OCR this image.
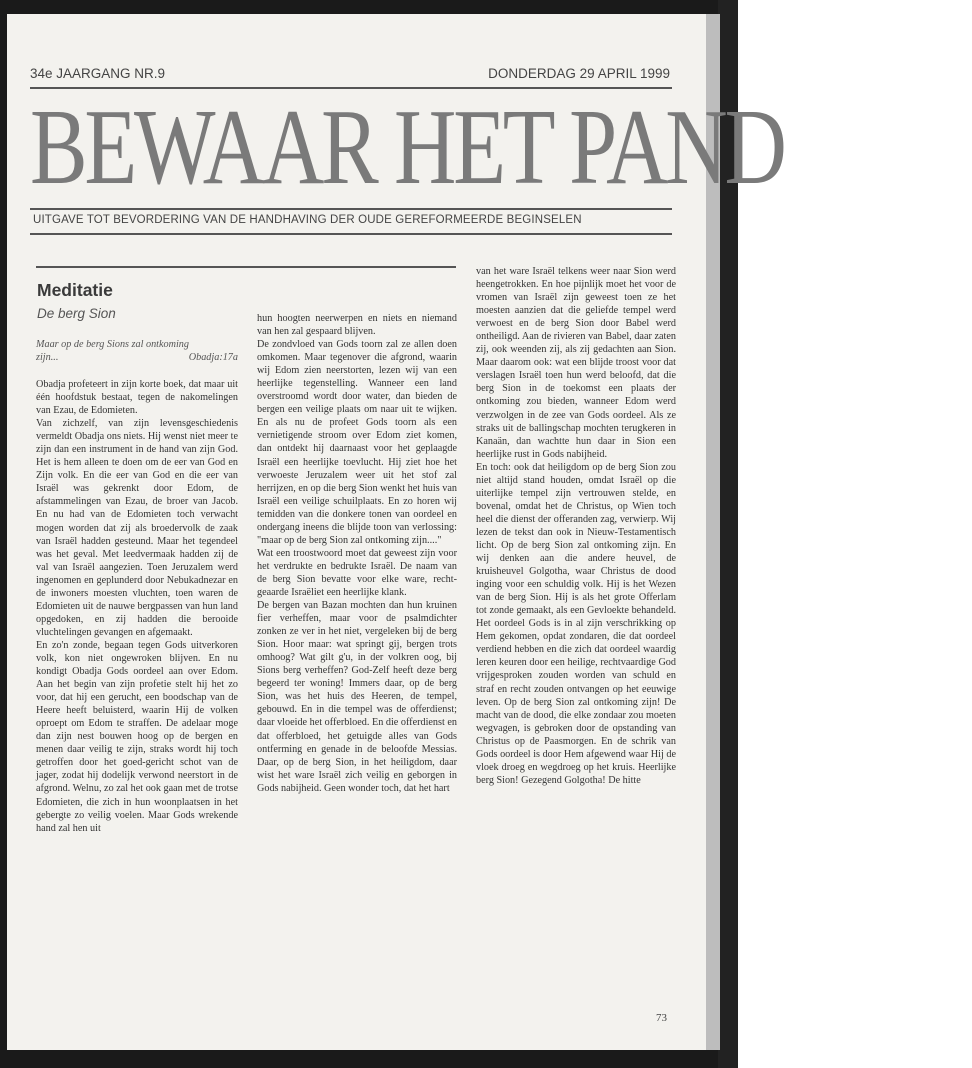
34e JAARGANG NR.9	DONDERDAG 29 APRIL 1999
BEWAAR HET PAND
UITGAVE TOT BEVORDERING VAN DE HANDHAVING DER OUDE GEREFORMEERDE BEGINSELEN
Meditatie
De berg Sion
Maar op de berg Sions zal ontkoming
zijn...	Obadja:17a

Obadja profeteert in zijn korte boek, dat maar uit één hoofdstuk bestaat, tegen de nakomelingen van Ezau, de Edomieten.

Van zichzelf, van zijn levensgeschiedenis vermeldt Obadja ons niets. Hij wenst niet meer te zijn dan een instrument in de hand van zijn God. Het is hem alleen te doen om de eer van God en Zijn volk. En die eer van God en die eer van Israël was gekrenkt door Edom, de afstammelingen van Ezau, de broer van Jacob. En nu had van de Edomieten toch verwacht mogen worden dat zij als broedervolk de zaak van Israël hadden gesteund. Maar het tegendeel was het geval. Met leedvermaak hadden zij de val van Israël aangezien. Toen Jeruzalem werd ingenomen en geplunderd door Nebukadnezar en de inwoners moesten vluchten, toen waren de Edomieten uit de nauwe bergpassen van hun land opgedoken, en zij hadden die berooide vluchtelingen gevangen en afgemaakt.

En zo'n zonde, begaan tegen Gods uitverkoren volk, kon niet ongewroken blijven. En nu kondigt Obadja Gods oordeel aan over Edom. Aan het begin van zijn profetie stelt hij het zo voor, dat hij een gerucht, een boodschap van de Heere heeft beluisterd, waarin Hij de volken oproept om Edom te straffen. De adelaar moge dan zijn nest bouwen hoog op de bergen en menen daar veilig te zijn, straks wordt hij toch getroffen door het goed-gericht schot van de jager, zodat hij dodelijk verwond neerstort in de afgrond. Welnu, zo zal het ook gaan met de trotse Edomieten, die zich in hun woonplaatsen in het gebergte zo veilig voelen. Maar Gods wrekende hand zal hen uit

hun hoogten neerwerpen en niets en niemand van hen zal gespaard blijven.

De zondvloed van Gods toorn zal ze allen doen omkomen. Maar tegenover die afgrond, waarin wij Edom zien neerstorten, lezen wij van een heerlijke tegenstelling. Wanneer een land overstroomd wordt door water, dan bieden de bergen een veilige plaats om naar uit te wijken. En als nu de profeet Gods toorn als een vernietigende stroom over Edom ziet komen, dan ontdekt hij daarnaast voor het geplaagde Israël een heerlijke toevlucht. Hij ziet hoe het verwoeste Jeruzalem weer uit het stof zal herrijzen, en op die berg Sion wenkt het huis van Israël een veilige schuilplaats. En zo horen wij temidden van die donkere tonen van oordeel en ondergang ineens die blijde toon van verlossing: "maar op de berg Sion zal ontkoming zijn...."

Wat een troostwoord moet dat geweest zijn voor het verdrukte en bedrukte Israël. De naam van de berg Sion bevatte voor elke ware, recht-geaarde Israëliet een heerlijke klank.

De bergen van Bazan mochten dan hun kruinen fier verheffen, maar voor de psalmdichter zonken ze ver in het niet, vergeleken bij de berg Sion. Hoor maar: wat springt gij, bergen trots omhoog? Wat gilt g'u, in der volkren oog, bij Sions berg verheffen? God-Zelf heeft deze berg begeerd ter woning! Immers daar, op de berg Sion, was het huis des Heeren, de tempel, gebouwd. En in die tempel was de offerdienst; daar vloeide het offerbloed. En die offerdienst en dat offerbloed, het getuigde alles van Gods ontferming en genade in de beloofde Messias. Daar, op de berg Sion, in het heiligdom, daar wist het ware Israël zich veilig en geborgen in Gods nabijheid. Geen wonder toch, dat het hart

van het ware Israël telkens weer naar Sion werd heengetrokken. En hoe pijnlijk moet het voor de vromen van Israël zijn geweest toen ze het moesten aanzien dat die geliefde tempel werd verwoest en de berg Sion door Babel werd ontheiligd. Aan de rivieren van Babel, daar zaten zij, ook weenden zij, als zij gedachten aan Sion. Maar daarom ook: wat een blijde troost voor dat verslagen Israël toen hun werd beloofd, dat die berg Sion in de toekomst een plaats der ontkoming zou bieden, wanneer Edom werd verzwolgen in de zee van Gods oordeel. Als ze straks uit de ballingschap mochten terugkeren in Kanaän, dan wachtte hun daar in Sion een heerlijke rust in Gods nabijheid.

En toch: ook dat heiligdom op de berg Sion zou niet altijd stand houden, omdat Israël op die uiterlijke tempel zijn vertrouwen stelde, en bovenal, omdat het de Christus, op Wien toch heel die dienst der offeranden zag, verwierp. Wij lezen de tekst dan ook in Nieuw-Testamentisch licht. Op de berg Sion zal ontkoming zijn. En wij denken aan die andere heuvel, de kruisheuvel Golgotha, waar Christus de dood inging voor een schuldig volk. Hij is het Wezen van de berg Sion. Hij is als het grote Offerlam tot zonde gemaakt, als een Gevloekte behandeld. Het oordeel Gods is in al zijn verschrikking op Hem gekomen, opdat zondaren, die dat oordeel verdiend hebben en die zich dat oordeel waardig leren keuren door een heilige, rechtvaardige God vrijgesproken zouden worden van schuld en straf en recht zouden ontvangen op het eeuwige leven. Op de berg Sion zal ontkoming zijn! De macht van de dood, die elke zondaar zou moeten wegvagen, is gebroken door de opstanding van Christus op de Paasmorgen. En de schrik van Gods oordeel is door Hem afgewend waar Hij de vloek droeg en wegdroeg op het kruis. Heerlijke berg Sion! Gezegend Golgotha! De hitte

73
